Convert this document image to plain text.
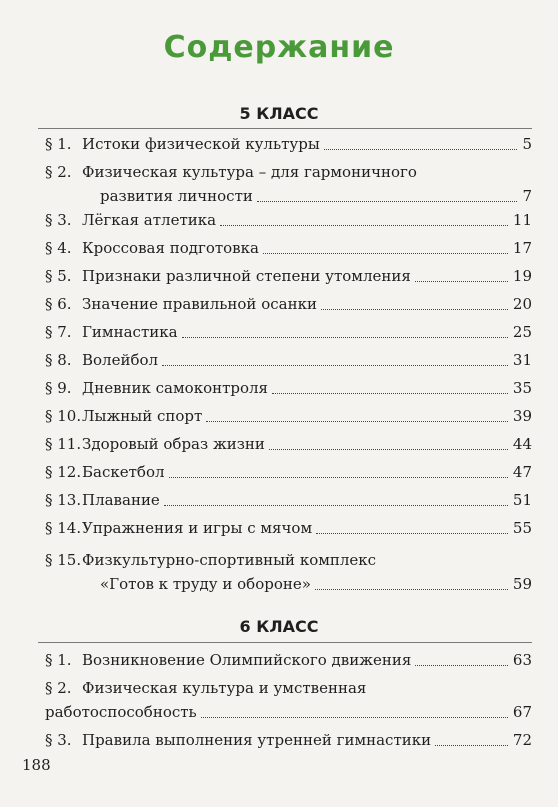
Содержание
5 КЛАСС
§ 1. Истоки физической культуры	5
§ 2. Физическая культура – для гармоничного
развития личности	7
§ 3. Лёгкая атлетика	11
§ 4. Кроссовая подготовка	17
§ 5. Признаки различной степени утомления	19
§ 6. Значение правильной осанки	20
§ 7. Гимнастика	25
§ 8. Волейбол	31
§ 9. Дневник самоконтроля	35
§ 10. Лыжный спорт	39
§ 11. Здоровый образ жизни	44
§ 12. Баскетбол	47
§ 13. Плавание	51
§ 14. Упражнения и игры с мячом	55
§ 15. Физкультурно-спортивный комплекс
«Готов к труду и обороне»	59
6 КЛАСС
§ 1. Возникновение Олимпийского движения	63
§ 2. Физическая культура и умственная
работоспособность	67
§ 3. Правила выполнения утренней гимнастики	72
188
